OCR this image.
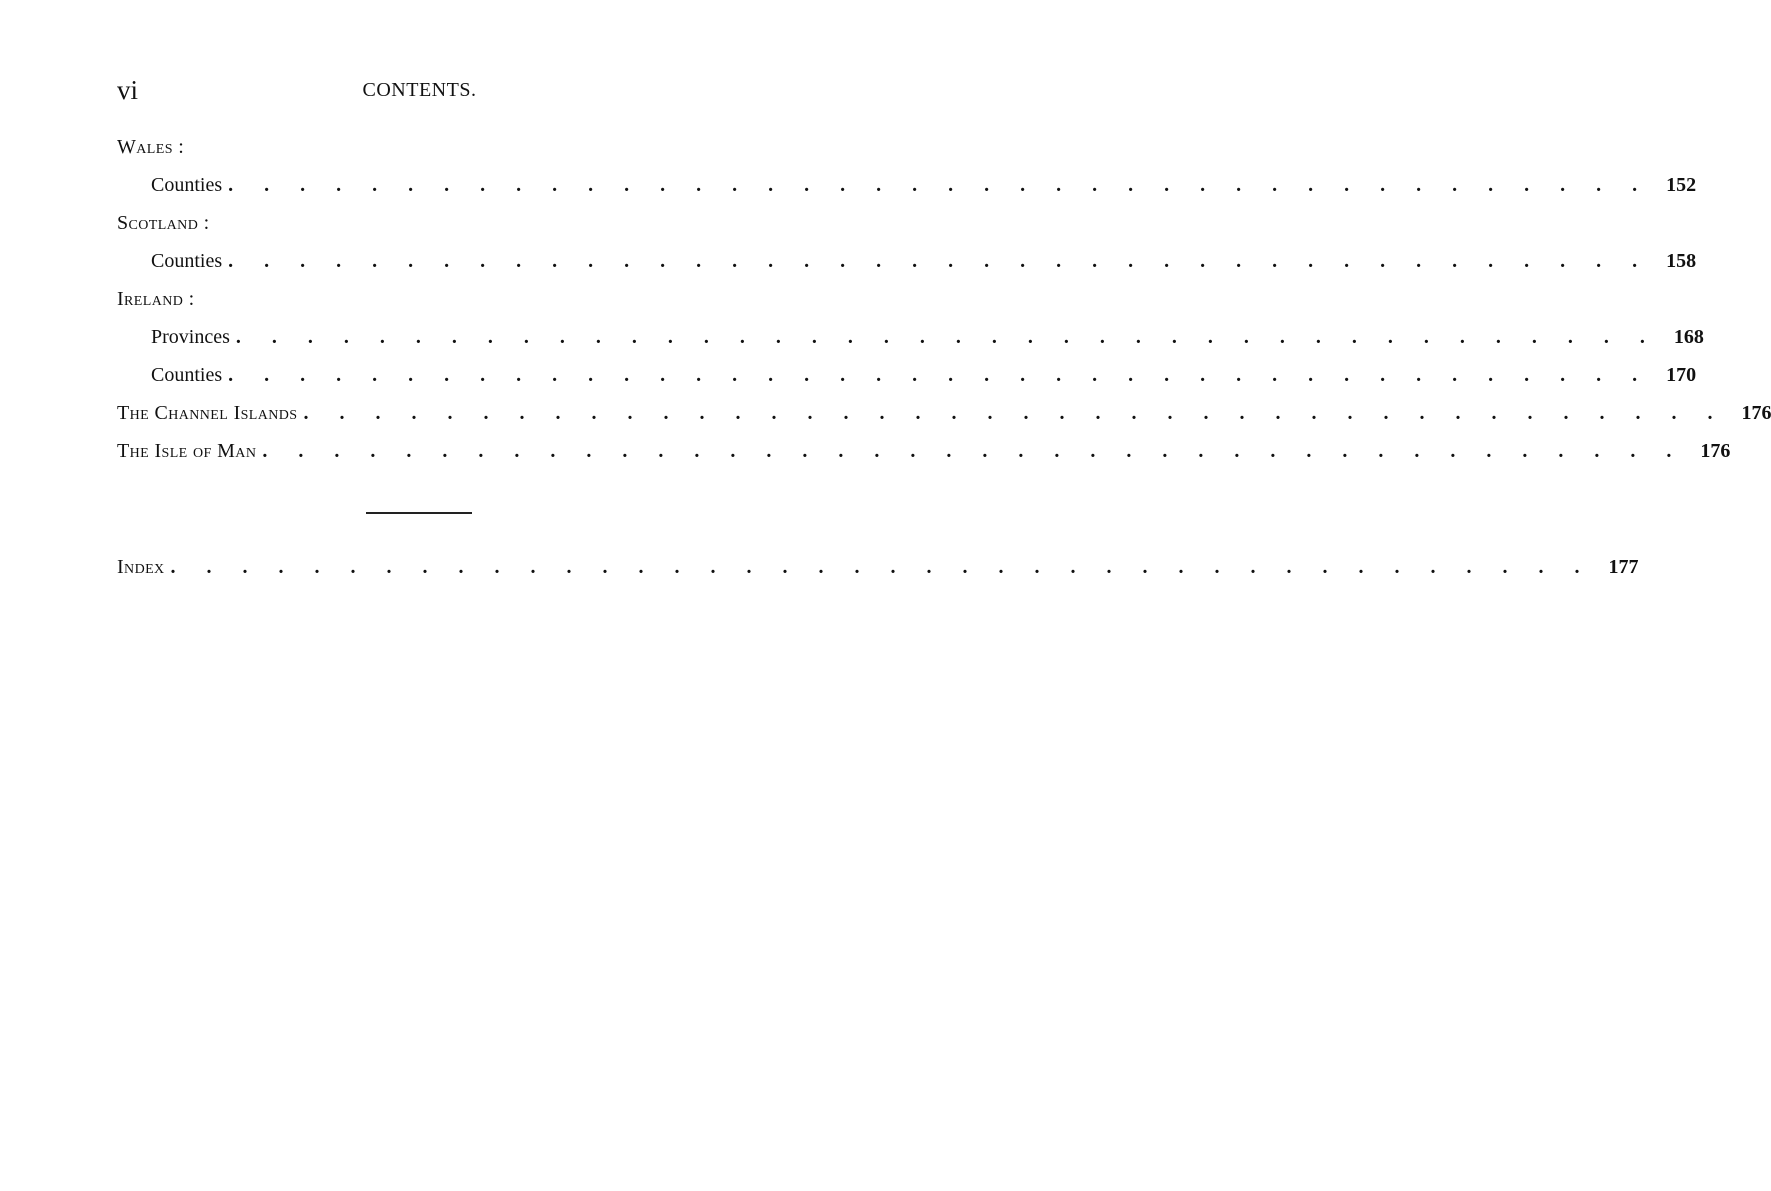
vi	CONTENTS.
Wales :
Counties . . . . . . . . . . . . . . . . . . . . . . . . . . . . . . . . . . . . . . . . 152
Scotland :
Counties . . . . . . . . . . . . . . . . . . . . . . . . . . . . . . . . . . . . . . . . 158
Ireland :
Provinces . . . . . . . . . . . . . . . . . . . . . . . . . . . . . . . . . . . . . . . . 168
Counties . . . . . . . . . . . . . . . . . . . . . . . . . . . . . . . . . . . . . . . . 170
The Channel Islands . . . . . . . . . . . . . . . . . . . . . . . . . . . . . . . . . . . . . . . . 176
The Isle of Man . . . . . . . . . . . . . . . . . . . . . . . . . . . . . . . . . . . . . . . . 176
Index . . . . . . . . . . . . . . . . . . . . . . . . . . . . . . . . . . . . . . . . 177
